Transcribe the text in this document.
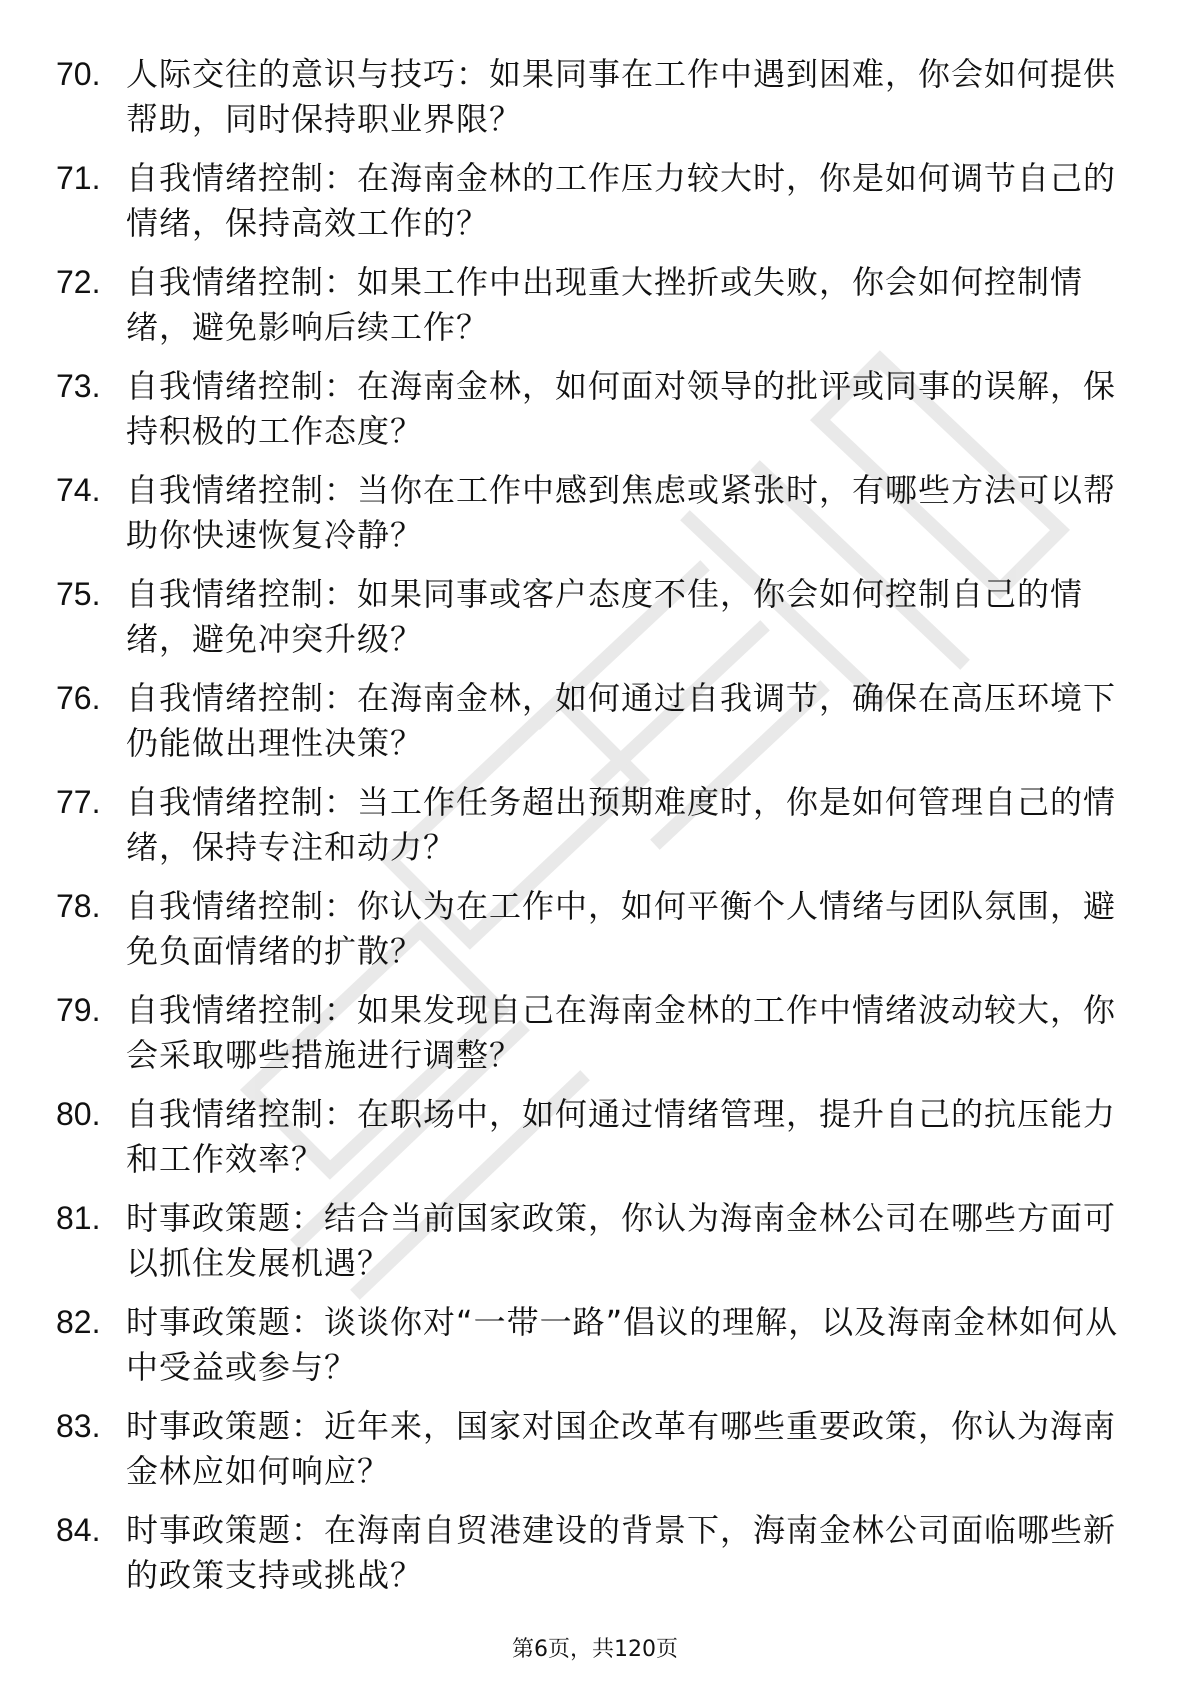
70. 人际交往的意识与技巧：如果同事在工作中遇到困难，你会如何提供帮助，同时保持职业界限？
71. 自我情绪控制：在海南金林的工作压力较大时，你是如何调节自己的情绪，保持高效工作的？
72. 自我情绪控制：如果工作中出现重大挫折或失败，你会如何控制情绪，避免影响后续工作？
73. 自我情绪控制：在海南金林，如何面对领导的批评或同事的误解，保持积极的工作态度？
74. 自我情绪控制：当你在工作中感到焦虑或紧张时，有哪些方法可以帮助你快速恢复冷静？
75. 自我情绪控制：如果同事或客户态度不佳，你会如何控制自己的情绪，避免冲突升级？
76. 自我情绪控制：在海南金林，如何通过自我调节，确保在高压环境下仍能做出理性决策？
77. 自我情绪控制：当工作任务超出预期难度时，你是如何管理自己的情绪，保持专注和动力？
78. 自我情绪控制：你认为在工作中，如何平衡个人情绪与团队氛围，避免负面情绪的扩散？
79. 自我情绪控制：如果发现自己在海南金林的工作中情绪波动较大，你会采取哪些措施进行调整？
80. 自我情绪控制：在职场中，如何通过情绪管理，提升自己的抗压能力和工作效率？
81. 时事政策题：结合当前国家政策，你认为海南金林公司在哪些方面可以抓住发展机遇？
82. 时事政策题：谈谈你对“一带一路”倡议的理解，以及海南金林如何从中受益或参与？
83. 时事政策题：近年来，国家对国企改革有哪些重要政策，你认为海南金林应如何响应？
84. 时事政策题：在海南自贸港建设的背景下，海南金林公司面临哪些新的政策支持或挑战？
第6页，共120页
